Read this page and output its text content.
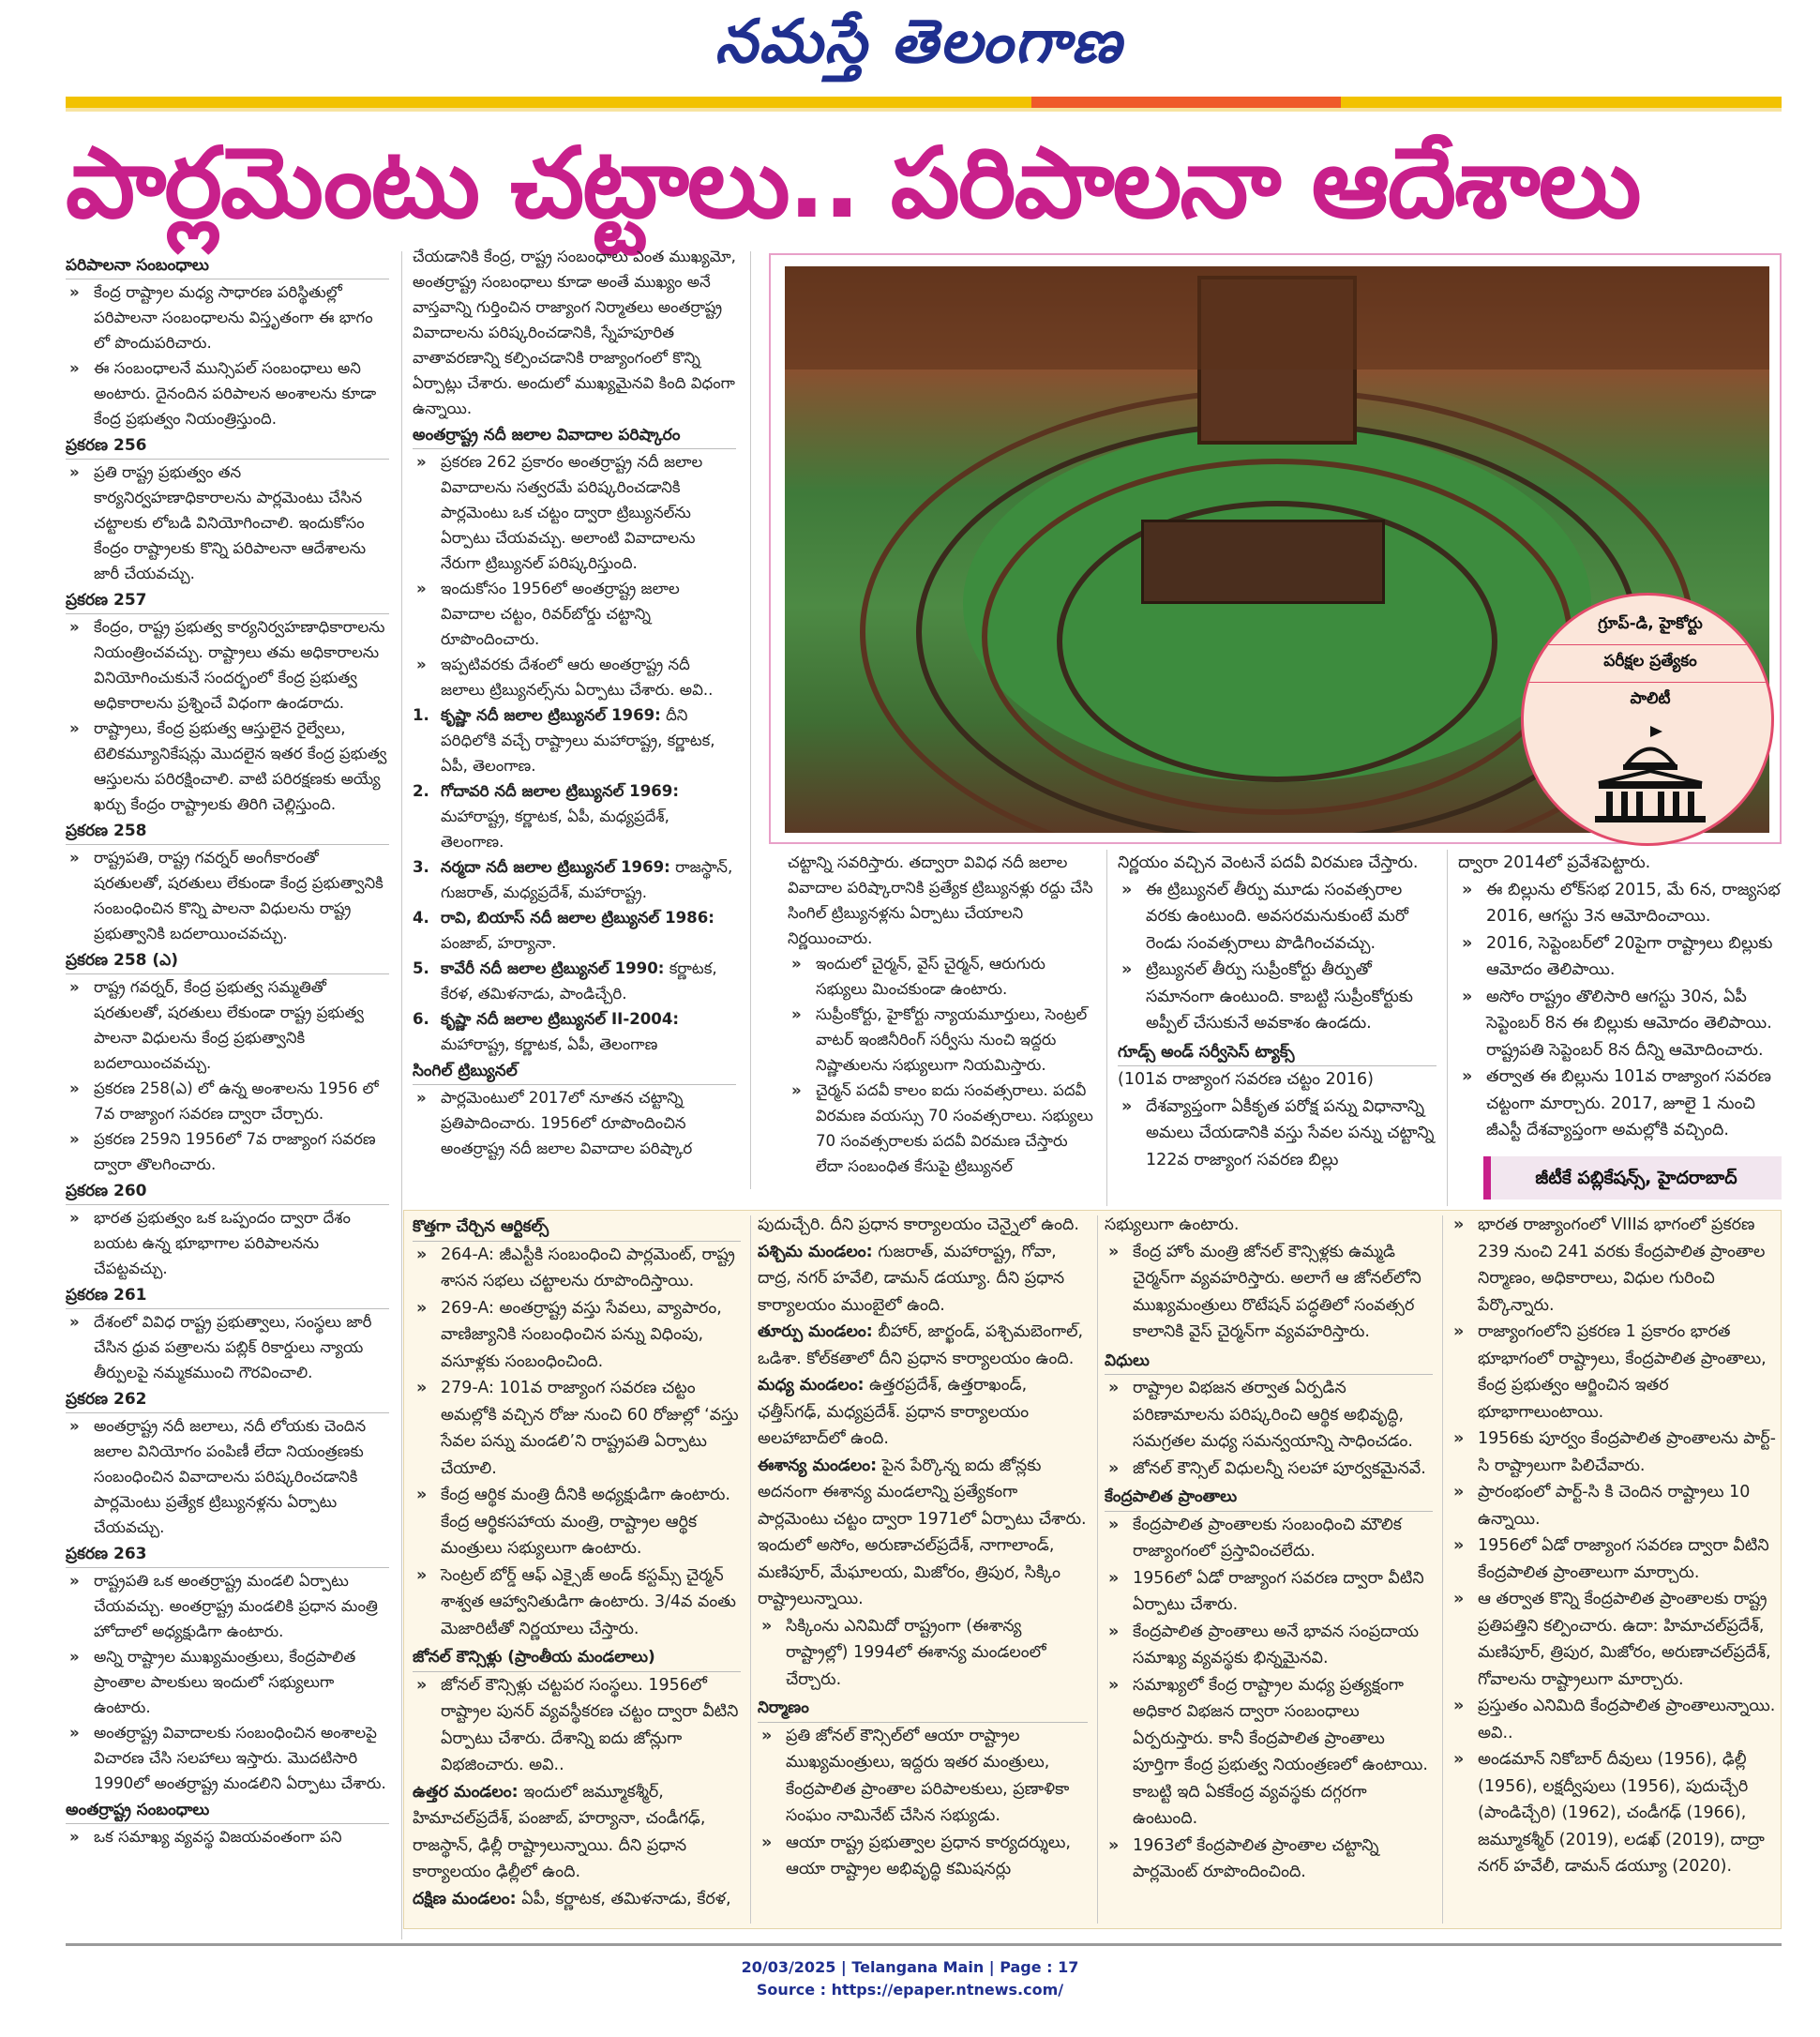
నమస్తే తెలంగాణ
పార్లమెంటు చట్టాలు.. పరిపాలనా ఆదేశాలు
పరిపాలనా సంబంధాలు
» కేంద్ర రాష్ట్రాల మధ్య సాధారణ పరిస్థితుల్లో పరిపాలనా సంబంధాలను విస్తృతంగా ఈ భాగం లో పొందుపరిచారు.
» ఈ సంబంధాలనే మున్సిపల్ సంబంధాలు అని అంటారు. దైనందిన పరిపాలన అంశాలను కూడా కేంద్ర ప్రభుత్వం నియంత్రిస్తుంది.
ప్రకరణ 256
» ప్రతి రాష్ట్ర ప్రభుత్వం తన కార్యనిర్వహణాధికారాలను పార్లమెంటు చేసిన చట్టాలకు లోబడి వినియోగించాలి. ఇందుకోసం కేంద్రం రాష్ట్రాలకు కొన్ని పరిపాలనా ఆదేశాలను జారీ చేయవచ్చు.
ప్రకరణ 257
» కేంద్రం, రాష్ట్ర ప్రభుత్వ కార్యనిర్వహణాధికారాలను నియంత్రించవచ్చు. రాష్ట్రాలు తమ అధికారాలను వినియోగించుకునే సందర్భంలో కేంద్ర ప్రభుత్వ అధికారాలను ప్రశ్నించే విధంగా ఉండరాదు.
» రాష్ట్రాలు, కేంద్ర ప్రభుత్వ ఆస్తులైన రైల్వేలు, టెలికమ్యూనికేషన్లు మొదలైన ఇతర కేంద్ర ప్రభుత్వ ఆస్తులను పరిరక్షించాలి. వాటి పరిరక్షణకు అయ్యే ఖర్చు కేంద్రం రాష్ట్రాలకు తిరిగి చెల్లిస్తుంది.
ప్రకరణ 258
» రాష్ట్రపతి, రాష్ట్ర గవర్నర్ అంగీకారంతో షరతులతో, షరతులు లేకుండా కేంద్ర ప్రభుత్వానికి సంబంధించిన కొన్ని పాలనా విధులను రాష్ట్ర ప్రభుత్వానికి బదలాయించవచ్చు.
ప్రకరణ 258 (ఎ)
» రాష్ట్ర గవర్నర్, కేంద్ర ప్రభుత్వ సమ్మతితో షరతులతో, షరతులు లేకుండా రాష్ట్ర ప్రభుత్వ పాలనా విధులను కేంద్ర ప్రభుత్వానికి బదలాయించవచ్చు.
» ప్రకరణ 258(ఎ) లో ఉన్న అంశాలను 1956 లో 7వ రాజ్యాంగ సవరణ ద్వారా చేర్చారు.
» ప్రకరణ 259ని 1956లో 7వ రాజ్యాంగ సవరణ ద్వారా తొలగించారు.
ప్రకరణ 260
» భారత ప్రభుత్వం ఒక ఒప్పందం ద్వారా దేశం బయట ఉన్న భూభాగాల పరిపాలనను చేపట్టవచ్చు.
ప్రకరణ 261
» దేశంలో వివిధ రాష్ట్ర ప్రభుత్వాలు, సంస్థలు జారీ చేసిన ధ్రువ పత్రాలను పబ్లిక్ రికార్డులు న్యాయ తీర్పులపై నమ్మకముంచి గౌరవించాలి.
ప్రకరణ 262
» అంతర్రాష్ట్ర నదీ జలాలు, నదీ లోయకు చెందిన జలాల వినియోగం పంపిణీ లేదా నియంత్రణకు సంబంధించిన వివాదాలను పరిష్కరించడానికి పార్లమెంటు ప్రత్యేక ట్రిబ్యునళ్లను ఏర్పాటు చేయవచ్చు.
ప్రకరణ 263
» రాష్ట్రపతి ఒక అంతర్రాష్ట్ర మండలి ఏర్పాటు చేయవచ్చు. అంతర్రాష్ట్ర మండలికి ప్రధాన మంత్రి హోదాలో అధ్యక్షుడిగా ఉంటారు.
» అన్ని రాష్ట్రాల ముఖ్యమంత్రులు, కేంద్రపాలిత ప్రాంతాల పాలకులు ఇందులో సభ్యులుగా ఉంటారు.
» అంతర్రాష్ట్ర వివాదాలకు సంబంధించిన అంశాలపై విచారణ చేసి సలహాలు ఇస్తారు. మొదటిసారి 1990లో అంతర్రాష్ట్ర మండలిని ఏర్పాటు చేశారు.
అంతర్రాష్ట్ర సంబంధాలు
» ఒక సమాఖ్య వ్యవస్థ విజయవంతంగా పని
చేయడానికి కేంద్ర, రాష్ట్ర సంబంధాలు ఎంత ముఖ్యమో, అంతర్రాష్ట్ర సంబంధాలు కూడా అంతే ముఖ్యం అనే వాస్తవాన్ని గుర్తించిన రాజ్యాంగ నిర్మాతలు అంతర్రాష్ట్ర వివాదాలను పరిష్కరించడానికి, స్నేహపూరిత వాతావరణాన్ని కల్పించడానికి రాజ్యాంగంలో కొన్ని ఏర్పాట్లు చేశారు. అందులో ముఖ్యమైనవి కింది విధంగా ఉన్నాయి.
అంతర్రాష్ట్ర నదీ జలాల వివాదాల పరిష్కారం
» ప్రకరణ 262 ప్రకారం అంతర్రాష్ట్ర నదీ జలాల వివాదాలను సత్వరమే పరిష్కరించడానికి పార్లమెంటు ఒక చట్టం ద్వారా ట్రిబ్యునల్‌ను ఏర్పాటు చేయవచ్చు. అలాంటి వివాదాలను నేరుగా ట్రిబ్యునల్ పరిష్కరిస్తుంది.
» ఇందుకోసం 1956లో అంతర్రాష్ట్ర జలాల వివాదాల చట్టం, రివర్‌బోర్డు చట్టాన్ని రూపొందించారు.
» ఇప్పటివరకు దేశంలో ఆరు అంతర్రాష్ట్ర నదీ జలాలు ట్రిబ్యునల్స్‌ను ఏర్పాటు చేశారు. అవి..
1. కృష్ణా నదీ జలాల ట్రిబ్యునల్ 1969: దీని పరిధిలోకి వచ్చే రాష్ట్రాలు మహారాష్ట్ర, కర్ణాటక, ఏపీ, తెలంగాణ.
2. గోదావరి నదీ జలాల ట్రిబ్యునల్ 1969: మహారాష్ట్ర, కర్ణాటక, ఏపీ, మధ్యప్రదేశ్, తెలంగాణ.
3. నర్మదా నదీ జలాల ట్రిబ్యునల్ 1969: రాజస్థాన్, గుజరాత్, మధ్యప్రదేశ్, మహారాష్ట్ర.
4. రావి, బియాస్ నదీ జలాల ట్రిబ్యునల్ 1986: పంజాబ్, హర్యానా.
5. కావేరీ నదీ జలాల ట్రిబ్యునల్ 1990: కర్ణాటక, కేరళ, తమిళనాడు, పాండిచ్చేరి.
6. కృష్ణా నదీ జలాల ట్రిబ్యునల్ II-2004: మహారాష్ట్ర, కర్ణాటక, ఏపీ, తెలంగాణ
సింగిల్ ట్రిబ్యునల్
» పార్లమెంటులో 2017లో నూతన చట్టాన్ని ప్రతిపాదించారు. 1956లో రూపొందించిన అంతర్రాష్ట్ర నదీ జలాల వివాదాల పరిష్కార
గ్రూప్-డి, హైకోర్టు
పరీక్షల ప్రత్యేకం
పాలిటీ
చట్టాన్ని సవరిస్తారు. తద్వారా వివిధ నదీ జలాల వివాదాల పరిష్కారానికి ప్రత్యేక ట్రిబ్యునళ్లు రద్దు చేసి సింగిల్ ట్రిబ్యునళ్లను ఏర్పాటు చేయాలని నిర్ణయించారు.
» ఇందులో చైర్మన్, వైస్ చైర్మన్, ఆరుగురు సభ్యులు మించకుండా ఉంటారు.
» సుప్రీంకోర్టు, హైకోర్టు న్యాయమూర్తులు, సెంట్రల్ వాటర్ ఇంజినీరింగ్ సర్వీసు నుంచి ఇద్దరు నిష్ణాతులను సభ్యులుగా నియమిస్తారు.
» చైర్మన్ పదవీ కాలం ఐదు సంవత్సరాలు. పదవీ విరమణ వయస్సు 70 సంవత్సరాలు. సభ్యులు 70 సంవత్సరాలకు పదవీ విరమణ చేస్తారు లేదా సంబంధిత కేసుపై ట్రిబ్యునల్
నిర్ణయం వచ్చిన వెంటనే పదవీ విరమణ చేస్తారు.
» ఈ ట్రిబ్యునల్ తీర్పు మూడు సంవత్సరాల వరకు ఉంటుంది. అవసరమనుకుంటే మరో రెండు సంవత్సరాలు పొడిగించవచ్చు.
» ట్రిబ్యునల్ తీర్పు సుప్రీంకోర్టు తీర్పుతో సమానంగా ఉంటుంది. కాబట్టి సుప్రీంకోర్టుకు అప్పీల్ చేసుకునే అవకాశం ఉండదు.
గూడ్స్ అండ్ సర్వీసెస్ ట్యాక్స్
(101వ రాజ్యాంగ సవరణ చట్టం 2016)
» దేశవ్యాప్తంగా ఏకీకృత పరోక్ష పన్ను విధానాన్ని అమలు చేయడానికి వస్తు సేవల పన్ను చట్టాన్ని 122వ రాజ్యాంగ సవరణ బిల్లు
ద్వారా 2014లో ప్రవేశపెట్టారు.
» ఈ బిల్లును లోక్‌సభ 2015, మే 6న, రాజ్యసభ 2016, ఆగస్టు 3న ఆమోదించాయి.
» 2016, సెప్టెంబర్‌లో 20పైగా రాష్ట్రాలు బిల్లుకు ఆమోదం తెలిపాయి.
» అసోం రాష్ట్రం తొలిసారి ఆగస్టు 30న, ఏపీ సెప్టెంబర్ 8న ఈ బిల్లుకు ఆమోదం తెలిపాయి. రాష్ట్రపతి సెప్టెంబర్ 8న దీన్ని ఆమోదించారు.
» తర్వాత ఈ బిల్లును 101వ రాజ్యాంగ సవరణ చట్టంగా మార్చారు. 2017, జూలై 1 నుంచి జీఎస్టీ దేశవ్యాప్తంగా అమల్లోకి వచ్చింది.
జీటీకే పబ్లికేషన్స్, హైదరాబాద్
కొత్తగా చేర్చిన ఆర్టికల్స్
» 264-A: జీఎస్టీకి సంబంధించి పార్లమెంట్, రాష్ట్ర శాసన సభలు చట్టాలను రూపొందిస్తాయి.
» 269-A: అంతర్రాష్ట్ర వస్తు సేవలు, వ్యాపారం, వాణిజ్యానికి సంబంధించిన పన్ను విధింపు, వసూళ్లకు సంబంధించింది.
» 279-A: 101వ రాజ్యాంగ సవరణ చట్టం అమల్లోకి వచ్చిన రోజు నుంచి 60 రోజుల్లో ‘వస్తు సేవల పన్ను మండలి’ని రాష్ట్రపతి ఏర్పాటు చేయాలి.
» కేంద్ర ఆర్థిక మంత్రి దీనికి అధ్యక్షుడిగా ఉంటారు. కేంద్ర ఆర్థికసహాయ మంత్రి, రాష్ట్రాల ఆర్థిక మంత్రులు సభ్యులుగా ఉంటారు.
» సెంట్రల్ బోర్డ్ ఆఫ్ ఎక్సైజ్ అండ్ కస్టమ్స్ చైర్మన్ శాశ్వత ఆహ్వానితుడిగా ఉంటారు. 3/4వ వంతు మెజారిటీతో నిర్ణయాలు చేస్తారు.
జోనల్ కౌన్సిళ్లు (ప్రాంతీయ మండలాలు)
» జోనల్ కౌన్సిళ్లు చట్టపర సంస్థలు. 1956లో రాష్ట్రాల పునర్ వ్యవస్థీకరణ చట్టం ద్వారా వీటిని ఏర్పాటు చేశారు. దేశాన్ని ఐదు జోన్లుగా విభజించారు. అవి..
ఉత్తర మండలం: ఇందులో జమ్మూకశ్మీర్, హిమాచల్‌ప్రదేశ్, పంజాబ్, హర్యానా, చండీగఢ్, రాజస్థాన్, ఢిల్లీ రాష్ట్రాలున్నాయి. దీని ప్రధాన కార్యాలయం ఢిల్లీలో ఉంది.
దక్షిణ మండలం: ఏపీ, కర్ణాటక, తమిళనాడు, కేరళ,
పుదుచ్చేరి. దీని ప్రధాన కార్యాలయం చెన్నైలో ఉంది.
పశ్చిమ మండలం: గుజరాత్, మహారాష్ట్ర, గోవా, దాద్ర, నగర్ హవేలి, డామన్ డయ్యూ. దీని ప్రధాన కార్యాలయం ముంబైలో ఉంది.
తూర్పు మండలం: బీహార్, జార్ఖండ్, పశ్చిమబెంగాల్, ఒడిశా. కోల్‌కతాలో దీని ప్రధాన కార్యాలయం ఉంది.
మధ్య మండలం: ఉత్తరప్రదేశ్, ఉత్తరాఖండ్, ఛత్తీస్‌గఢ్, మధ్యప్రదేశ్. ప్రధాన కార్యాలయం అలహాబాద్‌లో ఉంది.
ఈశాన్య మండలం: పైన పేర్కొన్న ఐదు జోన్లకు అదనంగా ఈశాన్య మండలాన్ని ప్రత్యేకంగా పార్లమెంటు చట్టం ద్వారా 1971లో ఏర్పాటు చేశారు. ఇందులో అసోం, అరుణాచల్‌ప్రదేశ్, నాగాలాండ్, మణిపూర్, మేఘాలయ, మిజోరం, త్రిపుర, సిక్కిం రాష్ట్రాలున్నాయి.
» సిక్కింను ఎనిమిదో రాష్ట్రంగా (ఈశాన్య రాష్ట్రాల్లో) 1994లో ఈశాన్య మండలంలో చేర్చారు.
నిర్మాణం
» ప్రతి జోనల్ కౌన్సిల్‌లో ఆయా రాష్ట్రాల ముఖ్యమంత్రులు, ఇద్దరు ఇతర మంత్రులు, కేంద్రపాలిత ప్రాంతాల పరిపాలకులు, ప్రణాళికా సంఘం నామినేట్ చేసిన సభ్యుడు.
» ఆయా రాష్ట్ర ప్రభుత్వాల ప్రధాన కార్యదర్శులు, ఆయా రాష్ట్రాల అభివృద్ధి కమిషనర్లు
సభ్యులుగా ఉంటారు.
» కేంద్ర హోం మంత్రి జోనల్ కౌన్సిళ్లకు ఉమ్మడి చైర్మన్‌గా వ్యవహరిస్తారు. అలాగే ఆ జోనల్‌లోని ముఖ్యమంత్రులు రొటేషన్ పద్ధతిలో సంవత్సర కాలానికి వైస్ చైర్మన్‌గా వ్యవహరిస్తారు.
విధులు
» రాష్ట్రాల విభజన తర్వాత ఏర్పడిన పరిణామాలను పరిష్కరించి ఆర్థిక అభివృద్ధి, సమగ్రతల మధ్య సమన్వయాన్ని సాధించడం.
» జోనల్ కౌన్సిల్ విధులన్నీ సలహా పూర్వకమైనవే.
కేంద్రపాలిత ప్రాంతాలు
» కేంద్రపాలిత ప్రాంతాలకు సంబంధించి మౌలిక రాజ్యాంగంలో ప్రస్తావించలేదు.
» 1956లో ఏడో రాజ్యాంగ సవరణ ద్వారా వీటిని ఏర్పాటు చేశారు.
» కేంద్రపాలిత ప్రాంతాలు అనే భావన సంప్రదాయ సమాఖ్య వ్యవస్థకు భిన్నమైనవి.
» సమాఖ్యలో కేంద్ర రాష్ట్రాల మధ్య ప్రత్యక్షంగా అధికార విభజన ద్వారా సంబంధాలు ఏర్పరుస్తారు. కానీ కేంద్రపాలిత ప్రాంతాలు పూర్తిగా కేంద్ర ప్రభుత్వ నియంత్రణలో ఉంటాయి. కాబట్టి ఇది ఏకకేంద్ర వ్యవస్థకు దగ్గరగా ఉంటుంది.
» 1963లో కేంద్రపాలిత ప్రాంతాల చట్టాన్ని పార్లమెంట్ రూపొందించింది.
» భారత రాజ్యాంగంలో VIIIవ భాగంలో ప్రకరణ 239 నుంచి 241 వరకు కేంద్రపాలిత ప్రాంతాల నిర్మాణం, అధికారాలు, విధుల గురించి పేర్కొన్నారు.
» రాజ్యాంగంలోని ప్రకరణ 1 ప్రకారం భారత భూభాగంలో రాష్ట్రాలు, కేంద్రపాలిత ప్రాంతాలు, కేంద్ర ప్రభుత్వం ఆర్జించిన ఇతర భూభాగాలుంటాయి.
» 1956కు పూర్వం కేంద్రపాలిత ప్రాంతాలను పార్ట్-సి రాష్ట్రాలుగా పిలిచేవారు.
» ప్రారంభంలో పార్ట్-సి కి చెందిన రాష్ట్రాలు 10 ఉన్నాయి.
» 1956లో ఏడో రాజ్యాంగ సవరణ ద్వారా వీటిని కేంద్రపాలిత ప్రాంతాలుగా మార్చారు.
» ఆ తర్వాత కొన్ని కేంద్రపాలిత ప్రాంతాలకు రాష్ట్ర ప్రతిపత్తిని కల్పించారు. ఉదా: హిమాచల్‌ప్రదేశ్, మణిపూర్, త్రిపుర, మిజోరం, అరుణాచల్‌ప్రదేశ్, గోవాలను రాష్ట్రాలుగా మార్చారు.
» ప్రస్తుతం ఎనిమిది కేంద్రపాలిత ప్రాంతాలున్నాయి. అవి..
» అండమాన్ నికోబార్ దీవులు (1956), ఢిల్లీ (1956), లక్షద్వీపులు (1956), పుదుచ్చేరి (పాండిచ్చేరి) (1962), చండీగఢ్ (1966), జమ్మూకశ్మీర్ (2019), లడఖ్ (2019), దాద్రా నగర్ హవేలీ, డామన్ డయ్యూ (2020).
20/03/2025 | Telangana Main | Page : 17
Source : https://epaper.ntnews.com/
